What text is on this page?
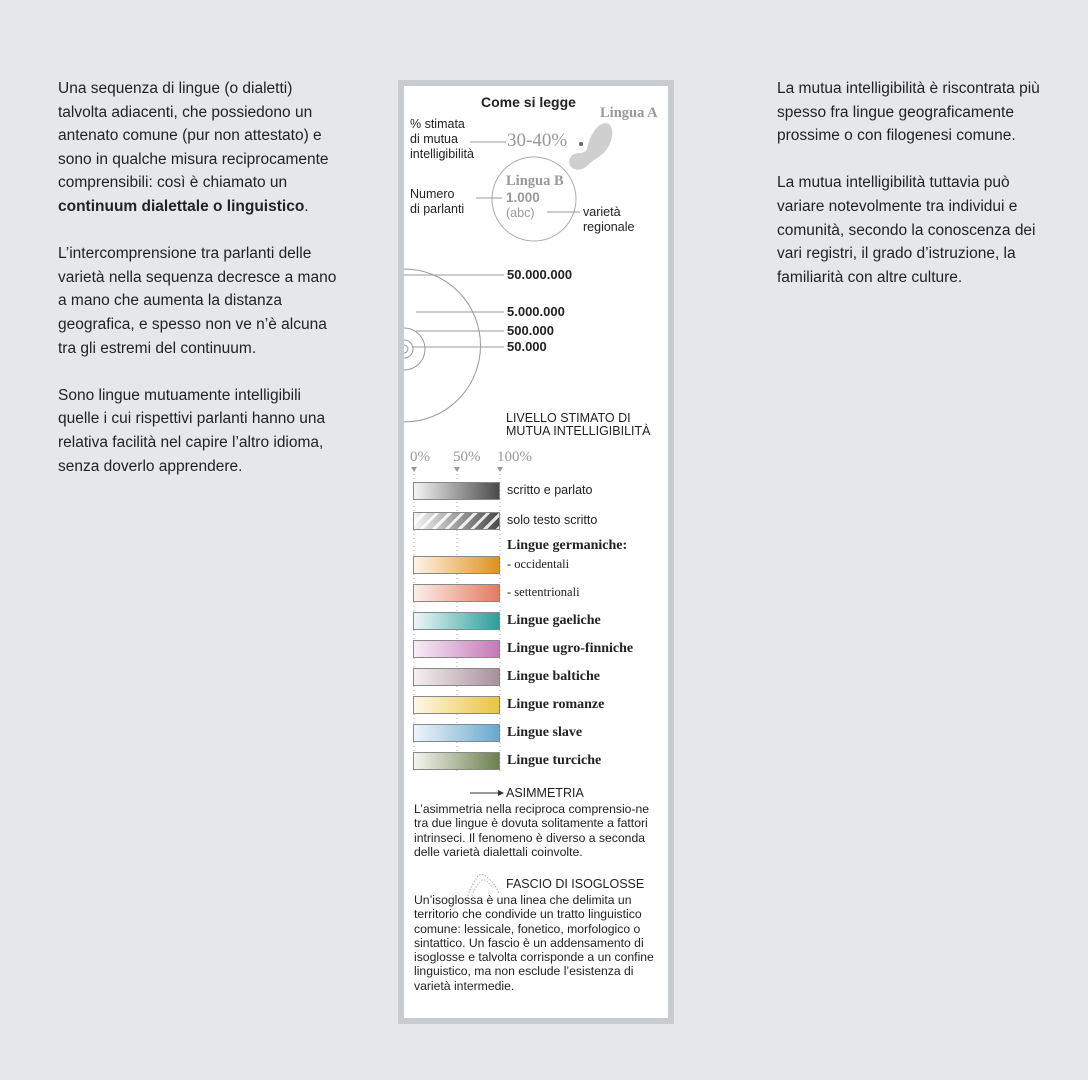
Una sequenza di lingue (o dialetti) talvolta adiacenti, che possiedono un antenato comune (pur non attestato) e sono in qualche misura reciprocamente comprensibili: così è chiamato un continuum dialettale o linguistico.

L’intercomprensione tra parlanti delle varietà nella sequenza decresce a mano a mano che aumenta la distanza geografica, e spesso non ve n’è alcuna tra gli estremi del continuum.

Sono lingue mutuamente intelligibili quelle i cui rispettivi parlanti hanno una relativa facilità nel capire l’altro idioma, senza doverlo apprendere.

La mutua intelligibilità è riscontrata più spesso fra lingue geograficamente prossime o con filogenesi comune.

La mutua intelligibilità tuttavia può variare notevolmente tra individui e comunità, secondo la conoscenza dei vari registri, il grado d’istruzione, la familiarità con altre culture.

Come si legge
Lingua A
% stimata
di mutua
intelligibilità
30-40%
Lingua B
Numero
di parlanti
1.000
(abc)	varietà
regionale
50.000.000
5.000.000
500.000
50.000
LIVELLO STIMATO DI
MUTUA INTELLIGIBILITÀ
0% 50% 100%
scritto e parlato
solo testo scritto
Lingue germaniche:
- occidentali
- settentrionali
Lingue gaeliche
Lingue ugro-finniche
Lingue baltiche
Lingue romanze
Lingue slave
Lingue turciche
ASIMMETRIA
L’asimmetria nella reciproca comprensio-ne tra due lingue è dovuta solitamente a fattori intrinseci. Il fenomeno è diverso a seconda delle varietà dialettali coinvolte.
FASCIO DI ISOGLOSSE
Un’isoglossa è una linea che delimita un territorio che condivide un tratto linguistico comune: lessicale, fonetico, morfologico o sintattico. Un fascio è un addensamento di isoglosse e talvolta corrisponde a un confine linguistico, ma non esclude l’esistenza di varietà intermedie.
